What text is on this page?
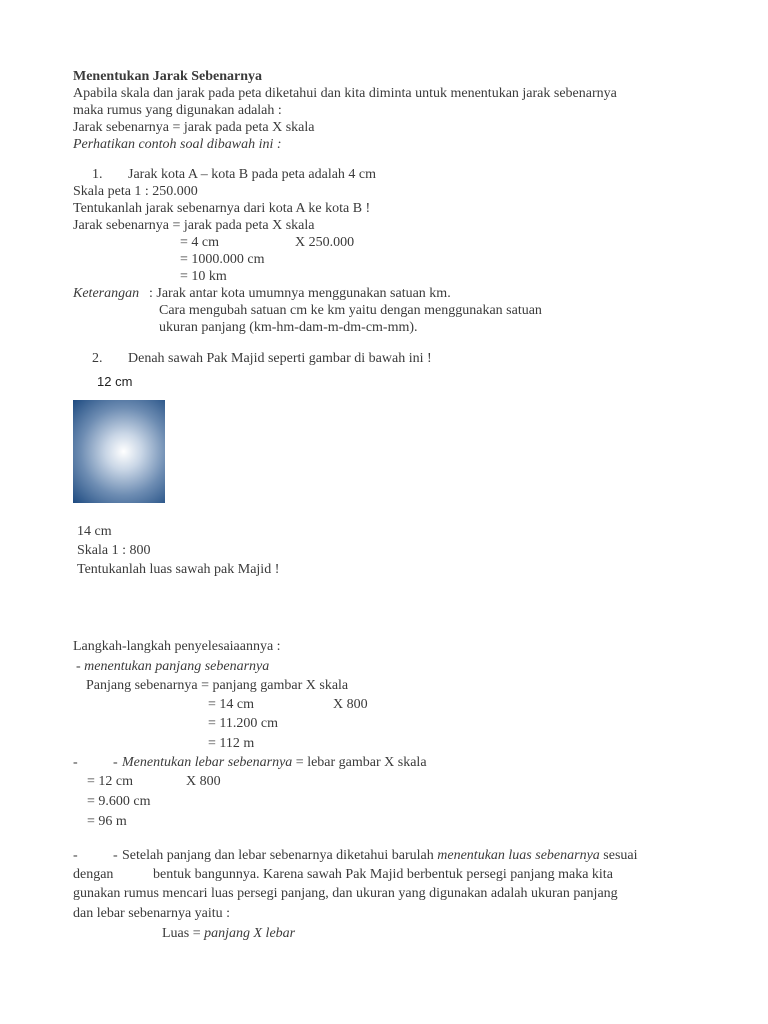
Menentukan Jarak Sebenarnya
Apabila skala dan jarak pada peta diketahui dan kita diminta untuk menentukan jarak sebenarnya
maka rumus yang digunakan adalah :
Jarak sebenarnya = jarak pada peta X skala
Perhatikan contoh soal dibawah ini :
1. Jarak kota A – kota B pada peta adalah 4 cm
Skala peta 1 : 250.000
Tentukanlah jarak sebenarnya dari kota A ke kota B !
Jarak sebenarnya = jarak pada peta X skala
= 4 cm	X 250.000
= 1000.000 cm
= 10 km
Keterangan : Jarak antar kota umumnya menggunakan satuan km.
Cara mengubah satuan cm ke km yaitu dengan menggunakan satuan
ukuran panjang (km-hm-dam-m-dm-cm-mm).
2. Denah sawah Pak Majid seperti gambar di bawah ini !
12 cm
14 cm
Skala 1 : 800
Tentukanlah luas sawah pak Majid !
Langkah-langkah penyelesaiaannya :
- menentukan panjang sebenarnya
Panjang sebenarnya = panjang gambar X skala
= 14 cm	X 800
= 11.200 cm
= 112 m
-	- Menentukan lebar sebenarnya = lebar gambar X skala
= 12 cm	X 800
= 9.600 cm
= 96 m
-	- Setelah panjang dan lebar sebenarnya diketahui barulah menentukan luas sebenarnya sesuai
dengan	bentuk bangunnya. Karena sawah Pak Majid berbentuk persegi panjang maka kita
gunakan rumus mencari luas persegi panjang, dan ukuran yang digunakan adalah ukuran panjang
dan lebar sebenarnya yaitu :
Luas = panjang X lebar
